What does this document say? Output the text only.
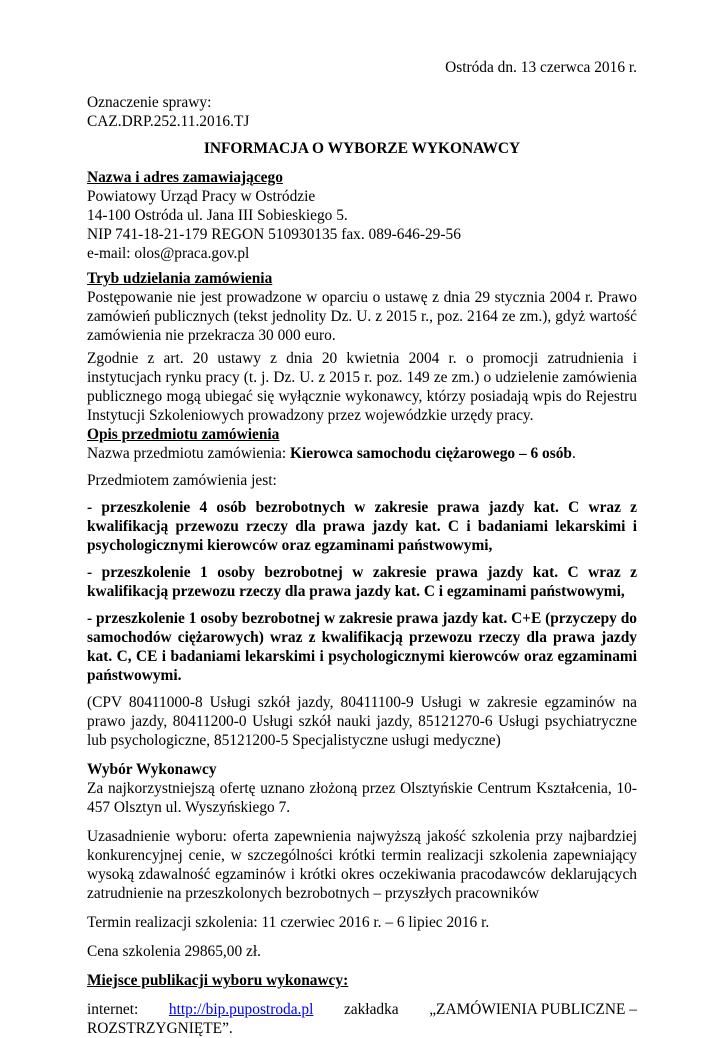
Ostróda dn. 13 czerwca 2016 r.

Oznaczenie sprawy:

CAZ.DRP.252.11.2016.TJ

INFORMACJA O WYBORZE WYKONAWCY

Nazwa i adres zamawiającego

Powiatowy Urząd Pracy w Ostródzie

14-100 Ostróda ul. Jana III Sobieskiego 5.

NIP 741-18-21-179 REGON 510930135 fax. 089-646-29-56

e-mail: olos@praca.gov.pl

Tryb udzielania zamówienia

Postępowanie nie jest prowadzone w oparciu o ustawę z dnia 29 stycznia 2004 r. Prawo zamówień publicznych (tekst jednolity Dz. U. z 2015 r., poz. 2164 ze zm.), gdyż wartość zamówienia nie przekracza 30 000 euro.

Zgodnie z art. 20 ustawy z dnia 20 kwietnia 2004 r. o promocji zatrudnienia i instytucjach rynku pracy (t. j. Dz. U. z 2015 r. poz. 149 ze zm.) o udzielenie zamówienia publicznego mogą ubiegać się wyłącznie wykonawcy, którzy posiadają wpis do Rejestru Instytucji Szkoleniowych prowadzony przez wojewódzkie urzędy pracy.

Opis przedmiotu zamówienia

Nazwa przedmiotu zamówienia: Kierowca samochodu ciężarowego – 6 osób.

Przedmiotem zamówienia jest:

- przeszkolenie 4 osób bezrobotnych w zakresie prawa jazdy kat. C wraz z kwalifikacją przewozu rzeczy dla prawa jazdy kat. C i badaniami lekarskimi i psychologicznymi kierowców oraz egzaminami państwowymi,

- przeszkolenie 1 osoby bezrobotnej w zakresie prawa jazdy kat. C wraz z kwalifikacją przewozu rzeczy dla prawa jazdy kat. C i egzaminami państwowymi,

- przeszkolenie 1 osoby bezrobotnej w zakresie prawa jazdy kat. C+E (przyczepy do samochodów ciężarowych) wraz z kwalifikacją przewozu rzeczy dla prawa jazdy kat. C, CE i badaniami lekarskimi i psychologicznymi kierowców oraz egzaminami państwowymi.

(CPV 80411000-8 Usługi szkół jazdy, 80411100-9 Usługi w zakresie egzaminów na prawo jazdy, 80411200-0 Usługi szkół nauki jazdy, 85121270-6 Usługi psychiatryczne lub psychologiczne, 85121200-5 Specjalistyczne usługi medyczne)

Wybór Wykonawcy

Za najkorzystniejszą ofertę uznano złożoną przez Olsztyńskie Centrum Kształcenia, 10-457 Olsztyn ul. Wyszyńskiego 7.

Uzasadnienie wyboru: oferta zapewnienia najwyższą jakość szkolenia przy najbardziej konkurencyjnej cenie, w szczególności krótki termin realizacji szkolenia zapewniający wysoką zdawalność egzaminów i krótki okres oczekiwania pracodawców deklarujących zatrudnienie na przeszkolonych bezrobotnych – przyszłych pracowników

Termin realizacji szkolenia: 11 czerwiec 2016 r. – 6 lipiec 2016 r.

Cena szkolenia 29865,00 zł.

Miejsce publikacji wyboru wykonawcy:

internet: http://bip.pupostroda.pl zakładka „ZAMÓWIENIA PUBLICZNE –

ROZSTRZYGNIĘTE”.
